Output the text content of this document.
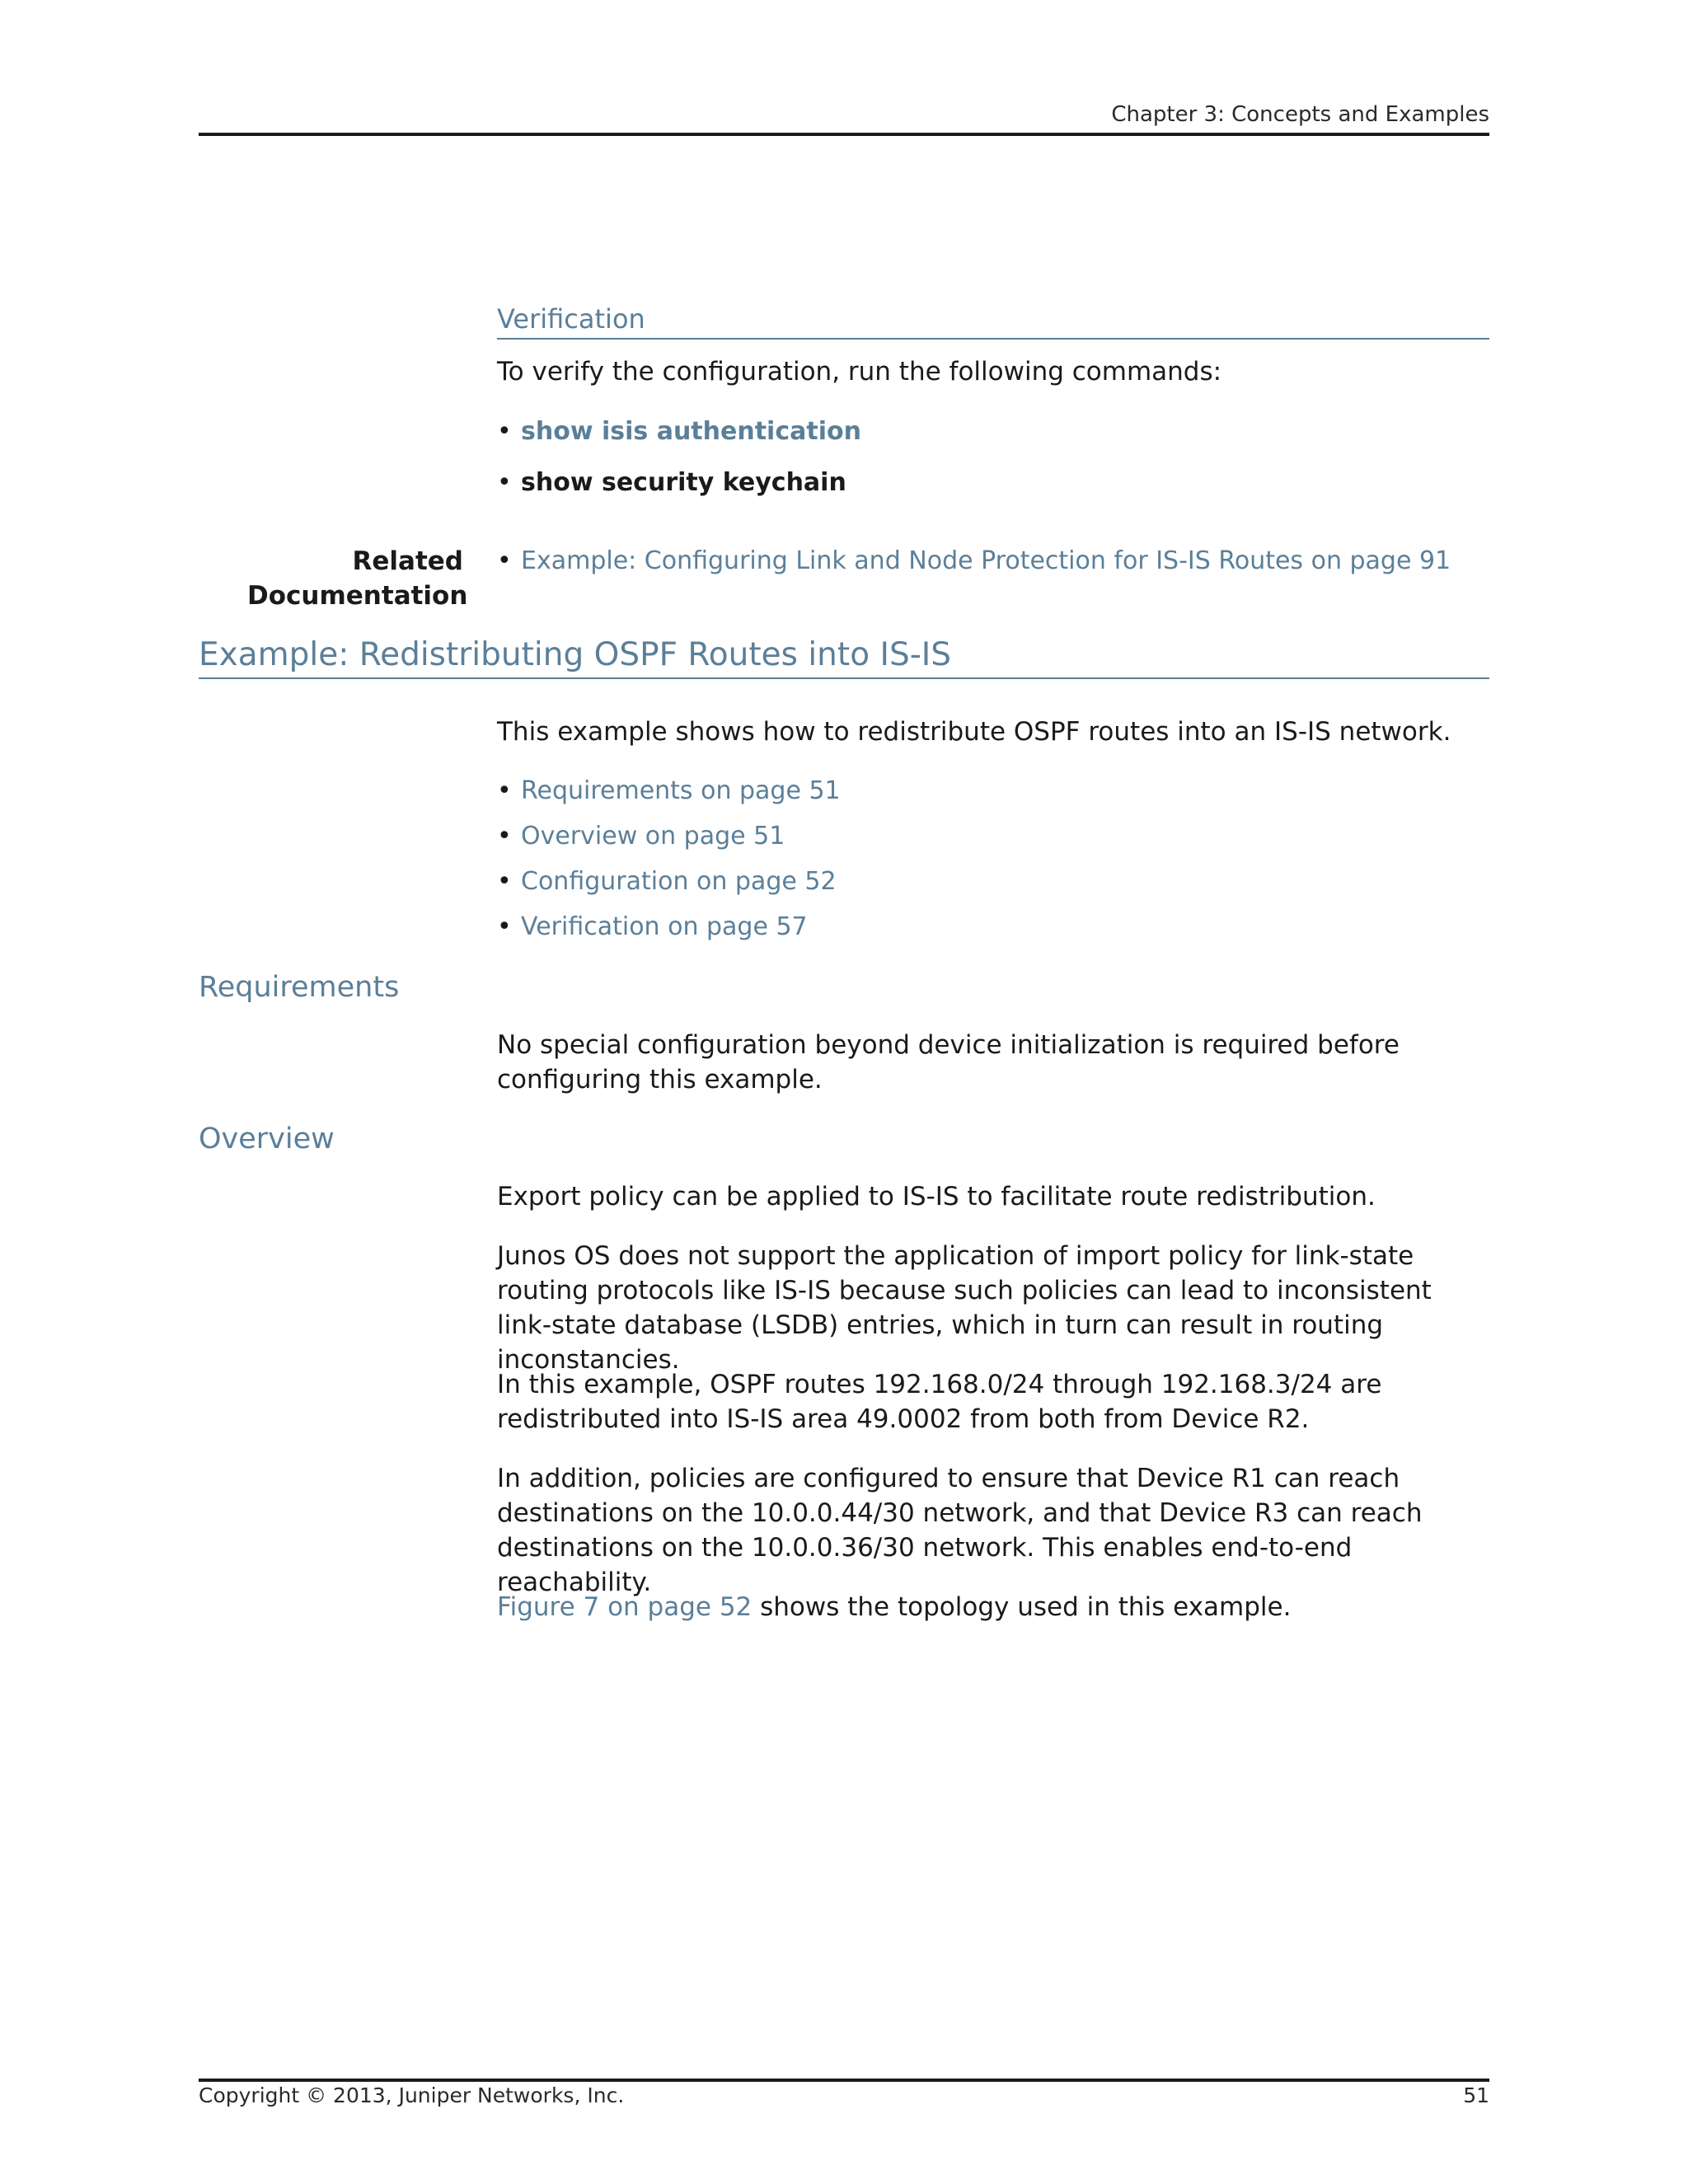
Chapter 3: Concepts and Examples
Verification
To verify the configuration, run the following commands:
• show isis authentication
• show security keychain
Related
Documentation
• Example: Configuring Link and Node Protection for IS-IS Routes on page 91
Example: Redistributing OSPF Routes into IS-IS
This example shows how to redistribute OSPF routes into an IS-IS network.
• Requirements on page 51
• Overview on page 51
• Configuration on page 52
• Verification on page 57
Requirements
No special configuration beyond device initialization is required before configuring this example.
Overview
Export policy can be applied to IS-IS to facilitate route redistribution.
Junos OS does not support the application of import policy for link-state routing protocols like IS-IS because such policies can lead to inconsistent link-state database (LSDB) entries, which in turn can result in routing inconstancies.
In this example, OSPF routes 192.168.0/24 through 192.168.3/24 are redistributed into IS-IS area 49.0002 from both from Device R2.
In addition, policies are configured to ensure that Device R1 can reach destinations on the 10.0.0.44/30 network, and that Device R3 can reach destinations on the 10.0.0.36/30 network. This enables end-to-end reachability.
Figure 7 on page 52 shows the topology used in this example.
Copyright © 2013, Juniper Networks, Inc.	51
